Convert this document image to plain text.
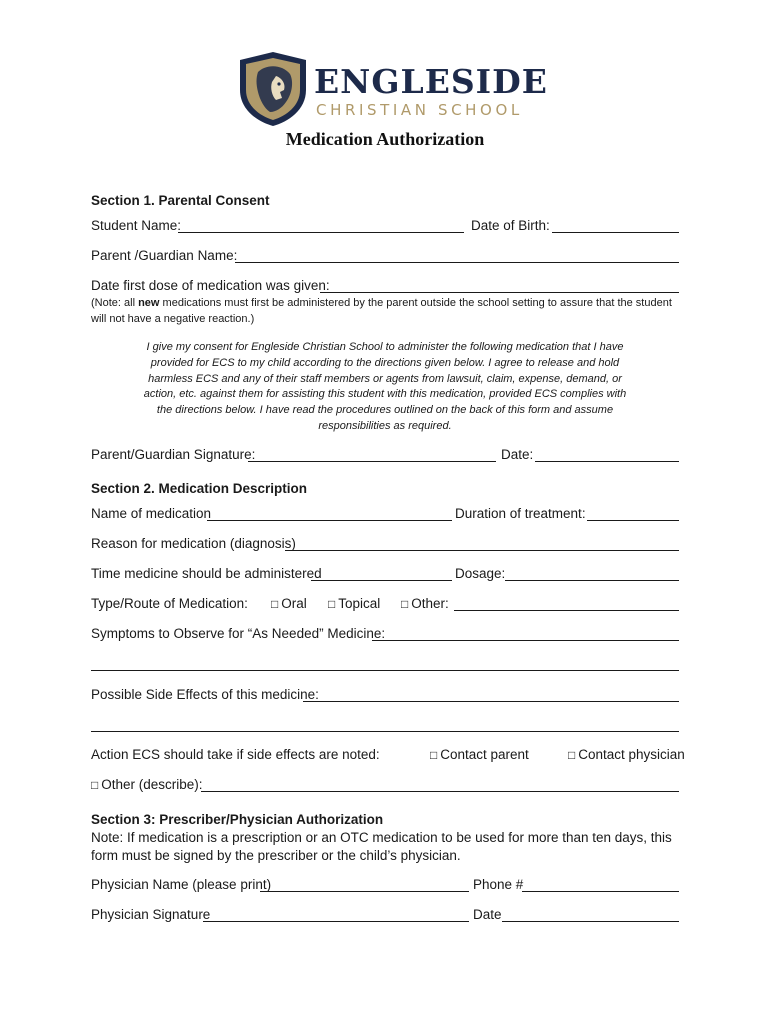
ENGLESIDE
CHRISTIAN SCHOOL
Medication Authorization
Section 1. Parental Consent
Student Name:	Date of Birth:
Parent /Guardian Name:
Date first dose of medication was given:
(Note: all new medications must first be administered by the parent outside the school setting to assure that the student will not have a negative reaction.)
I give my consent for Engleside Christian School to administer the following medication that I have provided for ECS to my child according to the directions given below. I agree to release and hold harmless ECS and any of their staff members or agents from lawsuit, claim, expense, demand, or action, etc. against them for assisting this student with this medication, provided ECS complies with the directions below. I have read the procedures outlined on the back of this form and assume responsibilities as required.
Parent/Guardian Signature:	Date:
Section 2. Medication Description
Name of medication	Duration of treatment:
Reason for medication (diagnosis)
Time medicine should be administered	Dosage:
Type/Route of Medication: □ Oral □ Topical □ Other:
Symptoms to Observe for “As Needed” Medicine:
Possible Side Effects of this medicine:
Action ECS should take if side effects are noted:	□ Contact parent	□ Contact physician
□ Other (describe):
Section 3: Prescriber/Physician Authorization
Note: If medication is a prescription or an OTC medication to be used for more than ten days, this form must be signed by the prescriber or the child’s physician.
Physician Name (please print)	Phone #
Physician Signature	Date
